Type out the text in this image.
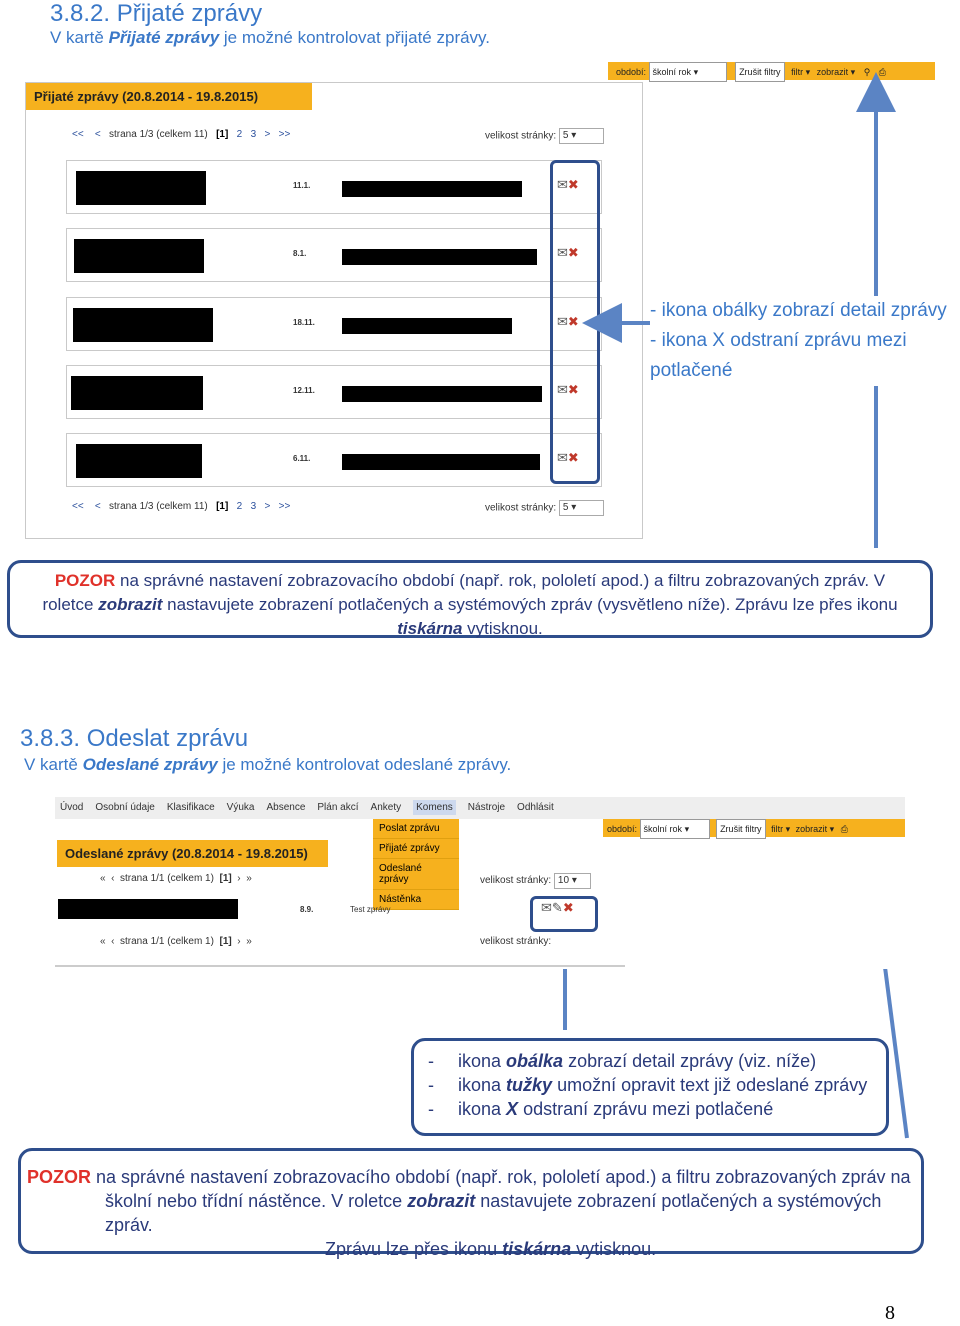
3.8.2. Přijaté zprávy
V kartě Přijaté zprávy je možné kontrolovat přijaté zprávy.
období: školní rok ▾	Zrušit filtry filtr ▾ zobrazit ▾ ⚲ ⎙
Přijaté zprávy (20.8.2014 - 19.8.2015)
<< < strana 1/3 (celkem 11) [1] 2 3 > >>	velikost stránky: 5 ▾
11.1.	✉✖
8.1.	✉✖
18.11.	✉✖
12.11.	✉✖
6.11.	✉✖
<< < strana 1/3 (celkem 11) [1] 2 3 > >>	velikost stránky: 5 ▾
- ikona obálky zobrazí detail zprávy
- ikona X odstraní zprávu mezi
potlačené
POZOR na správné nastavení zobrazovacího období (např. rok, pololetí apod.) a filtru zobrazovaných zpráv. V
roletce zobrazit nastavujete zobrazení potlačených a systémových zpráv (vysvětleno níže). Zprávu lze přes ikonu
tiskárna vytisknou.
3.8.3. Odeslat zprávu
V kartě Odeslané zprávy je možné kontrolovat odeslané zprávy.
Úvod Osobní údaje Klasifikace Výuka Absence Plán akcí Ankety Komens Nástroje Odhlásit
období: školní rok ▾	Zrušit filtry filtr ▾ zobrazit ▾ ⎙
Odeslané zprávy (20.8.2014 - 19.8.2015)
Poslat zprávu
Přijaté zprávy
Odeslané zprávy
Nástěnka
«  ‹  strana 1/1 (celkem 1) [1]  ›  »	velikost stránky: 10 ▾
8.9.	Test zprávy	✉✎✖
«  ‹  strana 1/1 (celkem 1) [1]  ›  »	velikost stránky:
- ikona obálka zobrazí detail zprávy (viz. níže)
- ikona tužky umožní opravit text již odeslané zprávy
- ikona X odstraní zprávu mezi potlačené
POZOR na správné nastavení zobrazovacího období (např. rok, pololetí apod.) a filtru zobrazovaných zpráv na
školní nebo třídní nástěnce. V roletce zobrazit nastavujete zobrazení potlačených a systémových zpráv.
Zprávu lze přes ikonu tiskárna vytisknou.
8
